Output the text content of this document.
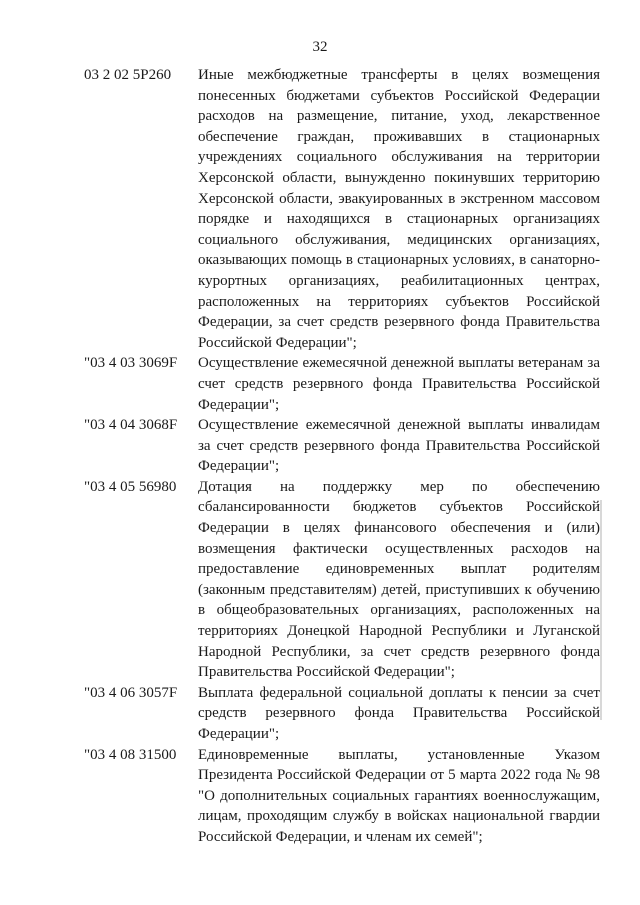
32
03 2 02 5Р260	Иные межбюджетные трансферты в целях возмещения понесенных бюджетами субъектов Российской Федерации расходов на размещение, питание, уход, лекарственное обеспечение граждан, проживавших в стационарных учреждениях социального обслуживания на территории Херсонской области, вынужденно покинувших территорию Херсонской области, эвакуированных в экстренном массовом порядке и находящихся в стационарных организациях социального обслуживания, медицинских организациях, оказывающих помощь в стационарных условиях, в санаторно-курортных организациях, реабилитационных центрах, расположенных на территориях субъектов Российской Федерации, за счет средств резервного фонда Правительства Российской Федерации";
"03 4 03 3069F	Осуществление ежемесячной денежной выплаты ветеранам за счет средств резервного фонда Правительства Российской Федерации";
"03 4 04 3068F	Осуществление ежемесячной денежной выплаты инвалидам за счет средств резервного фонда Правительства Российской Федерации";
"03 4 05 56980	Дотация на поддержку мер по обеспечению сбалансированности бюджетов субъектов Российской Федерации в целях финансового обеспечения и (или) возмещения фактически осуществленных расходов на предоставление единовременных выплат родителям (законным представителям) детей, приступивших к обучению в общеобразовательных организациях, расположенных на территориях Донецкой Народной Республики и Луганской Народной Республики, за счет средств резервного фонда Правительства Российской Федерации";
"03 4 06 3057F	Выплата федеральной социальной доплаты к пенсии за счет средств резервного фонда Правительства Российской Федерации";
"03 4 08 31500	Единовременные выплаты, установленные Указом Президента Российской Федерации от 5 марта 2022 года № 98 "О дополнительных социальных гарантиях военнослужащим, лицам, проходящим службу в войсках национальной гвардии Российской Федерации, и членам их семей";
